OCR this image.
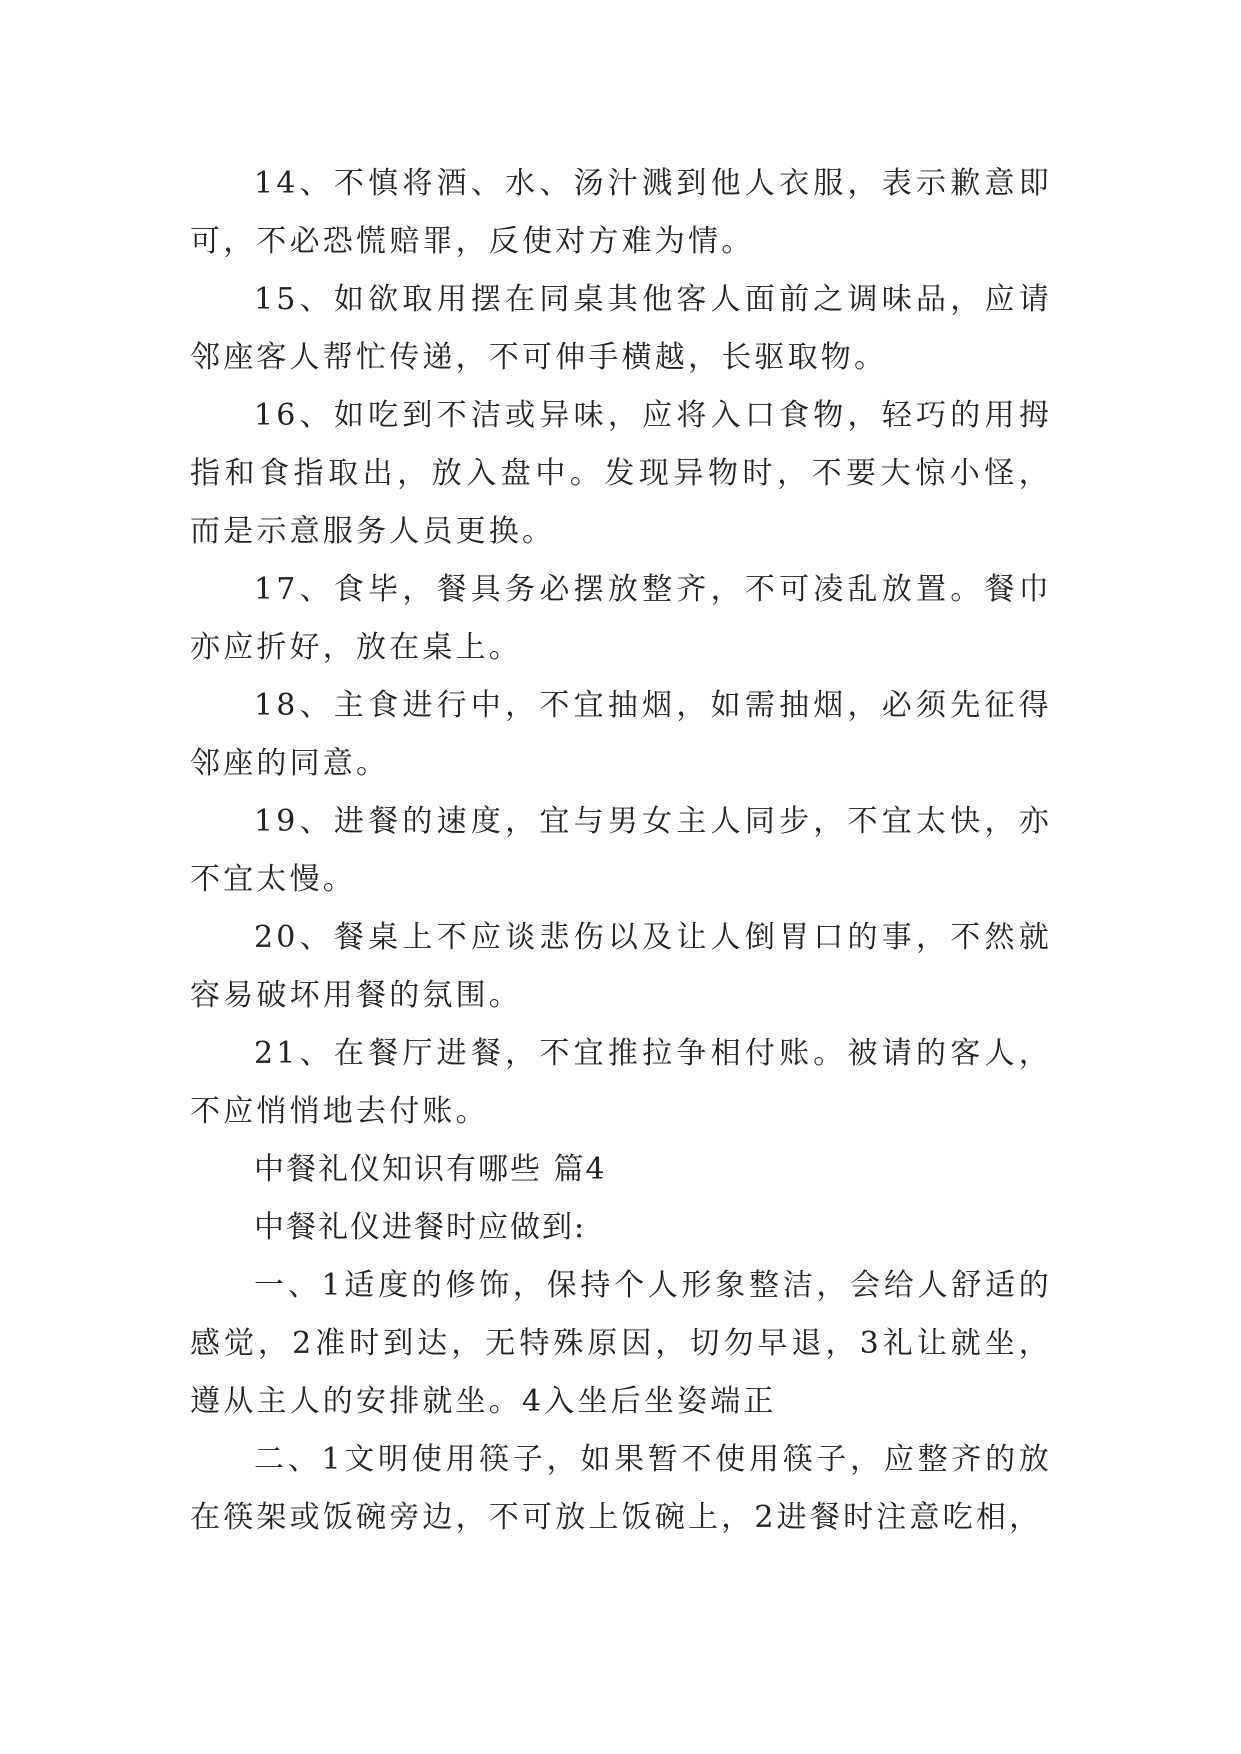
14、不慎将酒、水、汤汁溅到他人衣服，表示歉意即可，不必恐慌赔罪，反使对方难为情。

15、如欲取用摆在同桌其他客人面前之调味品，应请邻座客人帮忙传递，不可伸手横越，长驱取物。

16、如吃到不洁或异味，应将入口食物，轻巧的用拇指和食指取出，放入盘中。发现异物时，不要大惊小怪，而是示意服务人员更换。

17、食毕，餐具务必摆放整齐，不可凌乱放置。餐巾亦应折好，放在桌上。

18、主食进行中，不宜抽烟，如需抽烟，必须先征得邻座的同意。

19、进餐的速度，宜与男女主人同步，不宜太快，亦不宜太慢。

20、餐桌上不应谈悲伤以及让人倒胃口的事，不然就容易破坏用餐的氛围。

21、在餐厅进餐，不宜推拉争相付账。被请的客人，不应悄悄地去付账。

中餐礼仪知识有哪些 篇4

中餐礼仪进餐时应做到:

一、1适度的修饰，保持个人形象整洁，会给人舒适的感觉，2准时到达，无特殊原因，切勿早退，3礼让就坐，遵从主人的安排就坐。4入坐后坐姿端正

二、1文明使用筷子，如果暂不使用筷子，应整齐的放在筷架或饭碗旁边，不可放上饭碗上，2进餐时注意吃相，
